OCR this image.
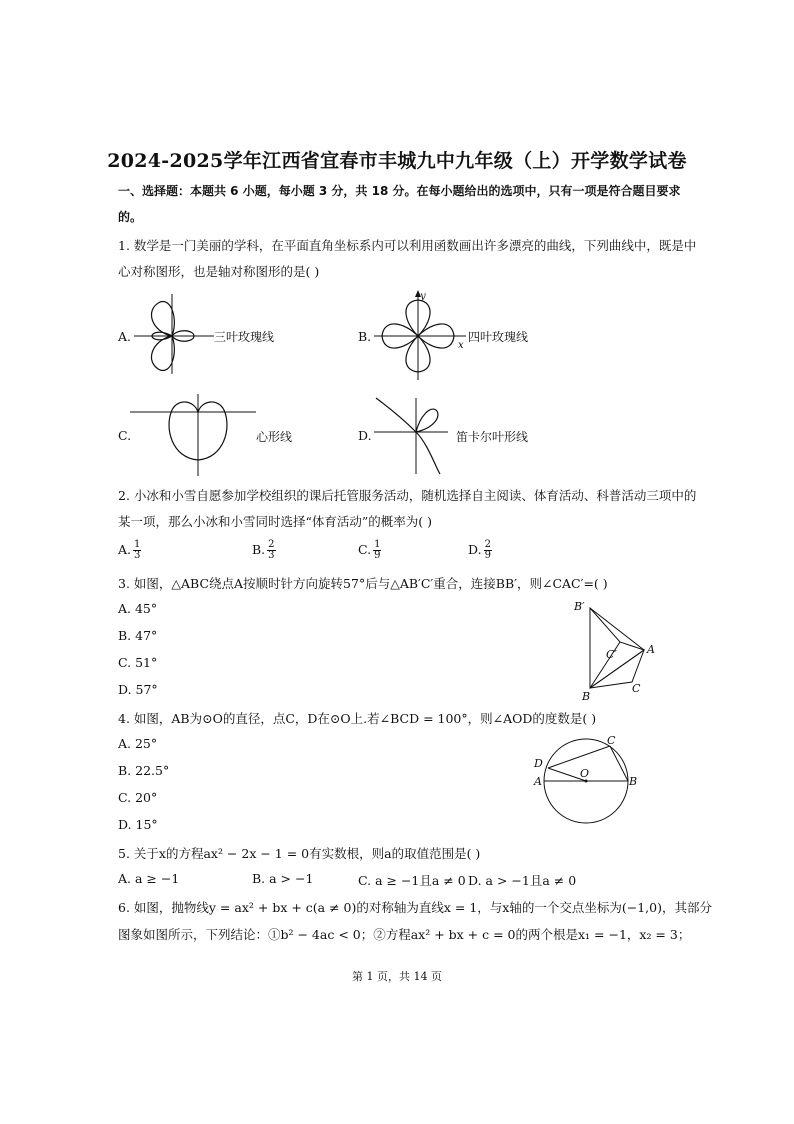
2024-2025学年江西省宜春市丰城九中九年级（上）开学数学试卷
一、选择题：本题共 6 小题，每小题 3 分，共 18 分。在每小题给出的选项中，只有一项是符合题目要求
的。
1. 数学是一门美丽的学科，在平面直角坐标系内可以利用函数画出许多漂亮的曲线，下列曲线中，既是中
心对称图形，也是轴对称图形的是( )
A.	三叶玫瑰线	B.
y
x
四叶玫瑰线
C.	心形线	D.	笛卡尔叶形线
2. 小冰和小雪自愿参加学校组织的课后托管服务活动，随机选择自主阅读、体育活动、科普活动三项中的
某一项，那么小冰和小雪同时选择“体育活动”的概率为( )
A. $\frac{1}{3}$	B. $\frac{2}{3}$	C. $\frac{1}{9}$	D. $\frac{2}{9}$
3. 如图，△ABC绕点A按顺时针方向旋转57°后与△AB′C′重合，连接BB′，则∠CAC′=( )
A. 45°
B. 47°
C. 51°
D. 57°
B′
C′	A
B
C
4. 如图，AB为⊙O的直径，点C，D在⊙O上.若∠BCD = 100°，则∠AOD的度数是( )
A. 25°
B. 22.5°
C. 20°
D. 15°
C
D
O
A	B
5. 关于x的方程ax² − 2x − 1 = 0有实数根，则a的取值范围是( )
A. a ≥ −1	B. a > −1	C. a ≥ −1且a ≠ 0 D. a > −1且a ≠ 0
6. 如图，抛物线y = ax² + bx + c(a ≠ 0)的对称轴为直线x = 1，与x轴的一个交点坐标为(−1,0)，其部分
图象如图所示，下列结论：①b² − 4ac < 0；②方程ax² + bx + c = 0的两个根是x₁ = −1，x₂ = 3；
第 1 页，共 14 页
